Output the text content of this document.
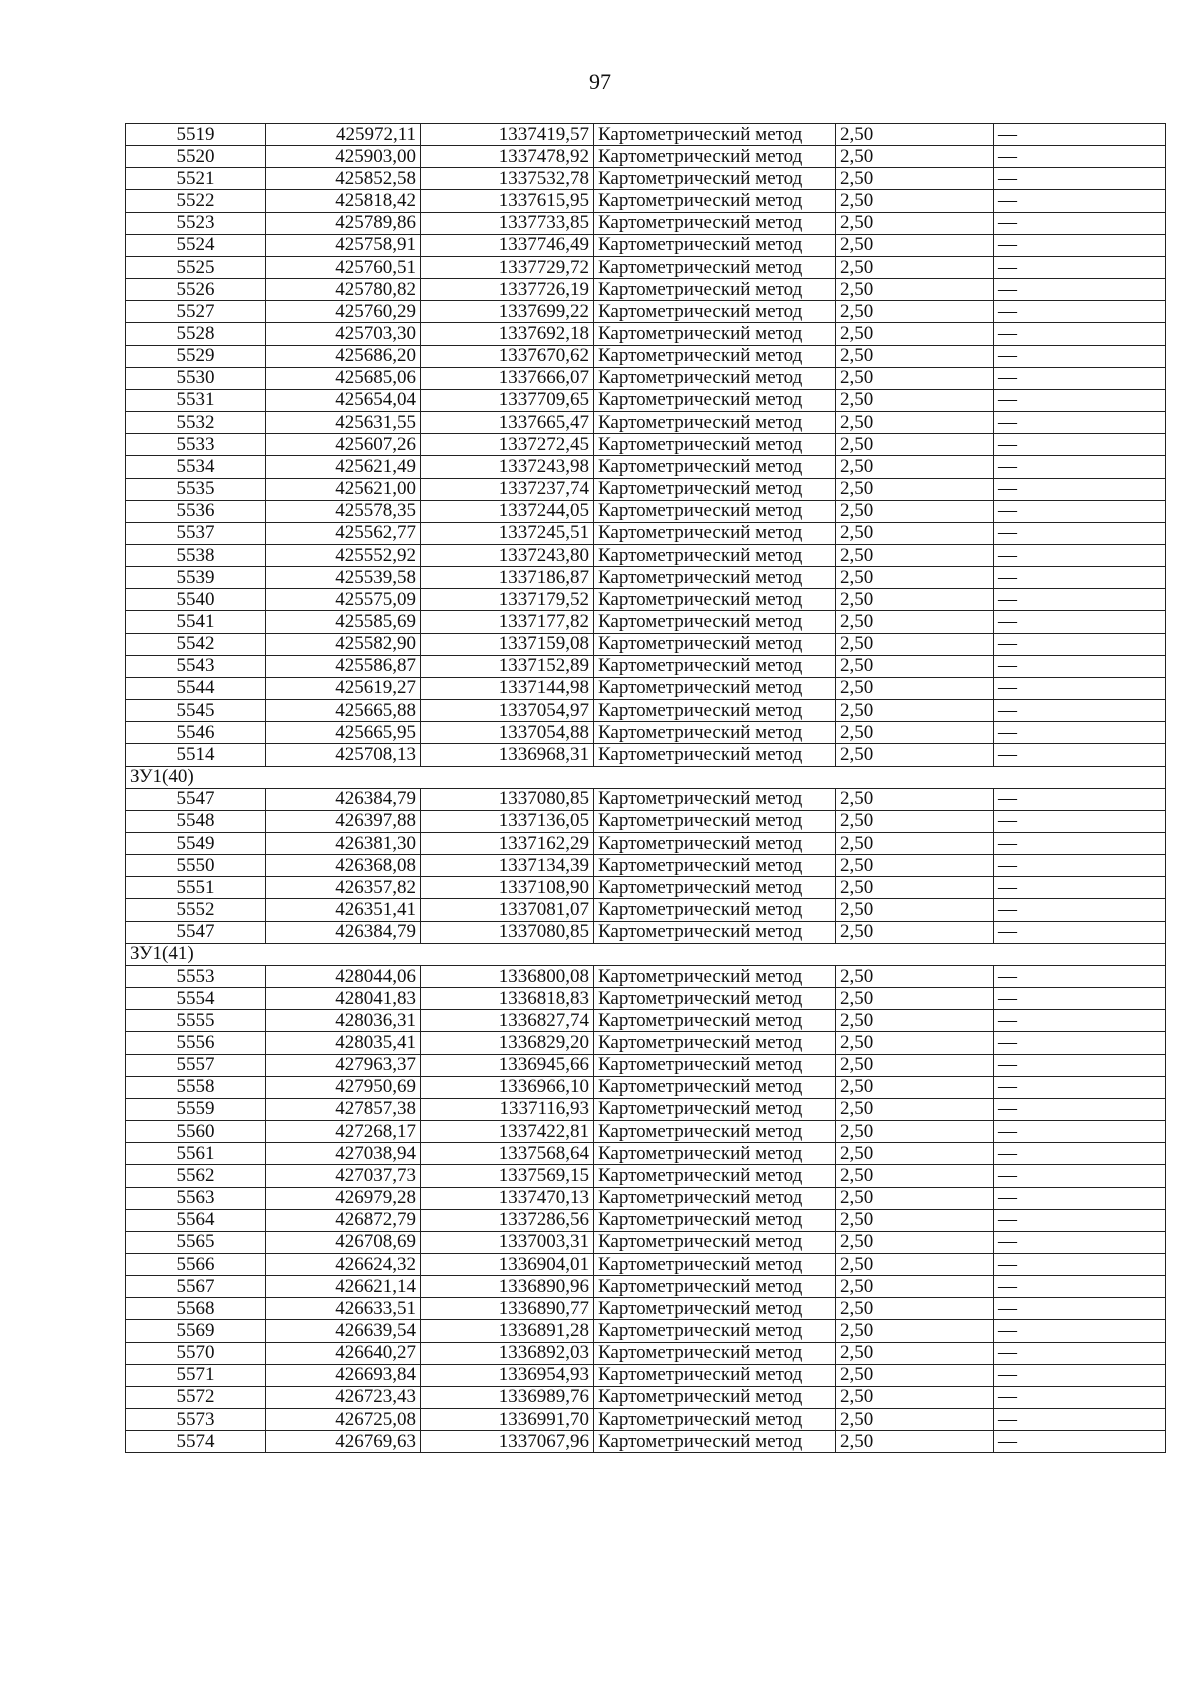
97
5519	425972,11	1337419,57	Картометрический метод	2,50	—
5520	425903,00	1337478,92	Картометрический метод	2,50	—
5521	425852,58	1337532,78	Картометрический метод	2,50	—
5522	425818,42	1337615,95	Картометрический метод	2,50	—
5523	425789,86	1337733,85	Картометрический метод	2,50	—
5524	425758,91	1337746,49	Картометрический метод	2,50	—
5525	425760,51	1337729,72	Картометрический метод	2,50	—
5526	425780,82	1337726,19	Картометрический метод	2,50	—
5527	425760,29	1337699,22	Картометрический метод	2,50	—
5528	425703,30	1337692,18	Картометрический метод	2,50	—
5529	425686,20	1337670,62	Картометрический метод	2,50	—
5530	425685,06	1337666,07	Картометрический метод	2,50	—
5531	425654,04	1337709,65	Картометрический метод	2,50	—
5532	425631,55	1337665,47	Картометрический метод	2,50	—
5533	425607,26	1337272,45	Картометрический метод	2,50	—
5534	425621,49	1337243,98	Картометрический метод	2,50	—
5535	425621,00	1337237,74	Картометрический метод	2,50	—
5536	425578,35	1337244,05	Картометрический метод	2,50	—
5537	425562,77	1337245,51	Картометрический метод	2,50	—
5538	425552,92	1337243,80	Картометрический метод	2,50	—
5539	425539,58	1337186,87	Картометрический метод	2,50	—
5540	425575,09	1337179,52	Картометрический метод	2,50	—
5541	425585,69	1337177,82	Картометрический метод	2,50	—
5542	425582,90	1337159,08	Картометрический метод	2,50	—
5543	425586,87	1337152,89	Картометрический метод	2,50	—
5544	425619,27	1337144,98	Картометрический метод	2,50	—
5545	425665,88	1337054,97	Картометрический метод	2,50	—
5546	425665,95	1337054,88	Картометрический метод	2,50	—
5514	425708,13	1336968,31	Картометрический метод	2,50	—
ЗУ1(40)					
5547	426384,79	1337080,85	Картометрический метод	2,50	—
5548	426397,88	1337136,05	Картометрический метод	2,50	—
5549	426381,30	1337162,29	Картометрический метод	2,50	—
5550	426368,08	1337134,39	Картометрический метод	2,50	—
5551	426357,82	1337108,90	Картометрический метод	2,50	—
5552	426351,41	1337081,07	Картометрический метод	2,50	—
5547	426384,79	1337080,85	Картометрический метод	2,50	—
ЗУ1(41)					
5553	428044,06	1336800,08	Картометрический метод	2,50	—
5554	428041,83	1336818,83	Картометрический метод	2,50	—
5555	428036,31	1336827,74	Картометрический метод	2,50	—
5556	428035,41	1336829,20	Картометрический метод	2,50	—
5557	427963,37	1336945,66	Картометрический метод	2,50	—
5558	427950,69	1336966,10	Картометрический метод	2,50	—
5559	427857,38	1337116,93	Картометрический метод	2,50	—
5560	427268,17	1337422,81	Картометрический метод	2,50	—
5561	427038,94	1337568,64	Картометрический метод	2,50	—
5562	427037,73	1337569,15	Картометрический метод	2,50	—
5563	426979,28	1337470,13	Картометрический метод	2,50	—
5564	426872,79	1337286,56	Картометрический метод	2,50	—
5565	426708,69	1337003,31	Картометрический метод	2,50	—
5566	426624,32	1336904,01	Картометрический метод	2,50	—
5567	426621,14	1336890,96	Картометрический метод	2,50	—
5568	426633,51	1336890,77	Картометрический метод	2,50	—
5569	426639,54	1336891,28	Картометрический метод	2,50	—
5570	426640,27	1336892,03	Картометрический метод	2,50	—
5571	426693,84	1336954,93	Картометрический метод	2,50	—
5572	426723,43	1336989,76	Картометрический метод	2,50	—
5573	426725,08	1336991,70	Картометрический метод	2,50	—
5574	426769,63	1337067,96	Картометрический метод	2,50	—
